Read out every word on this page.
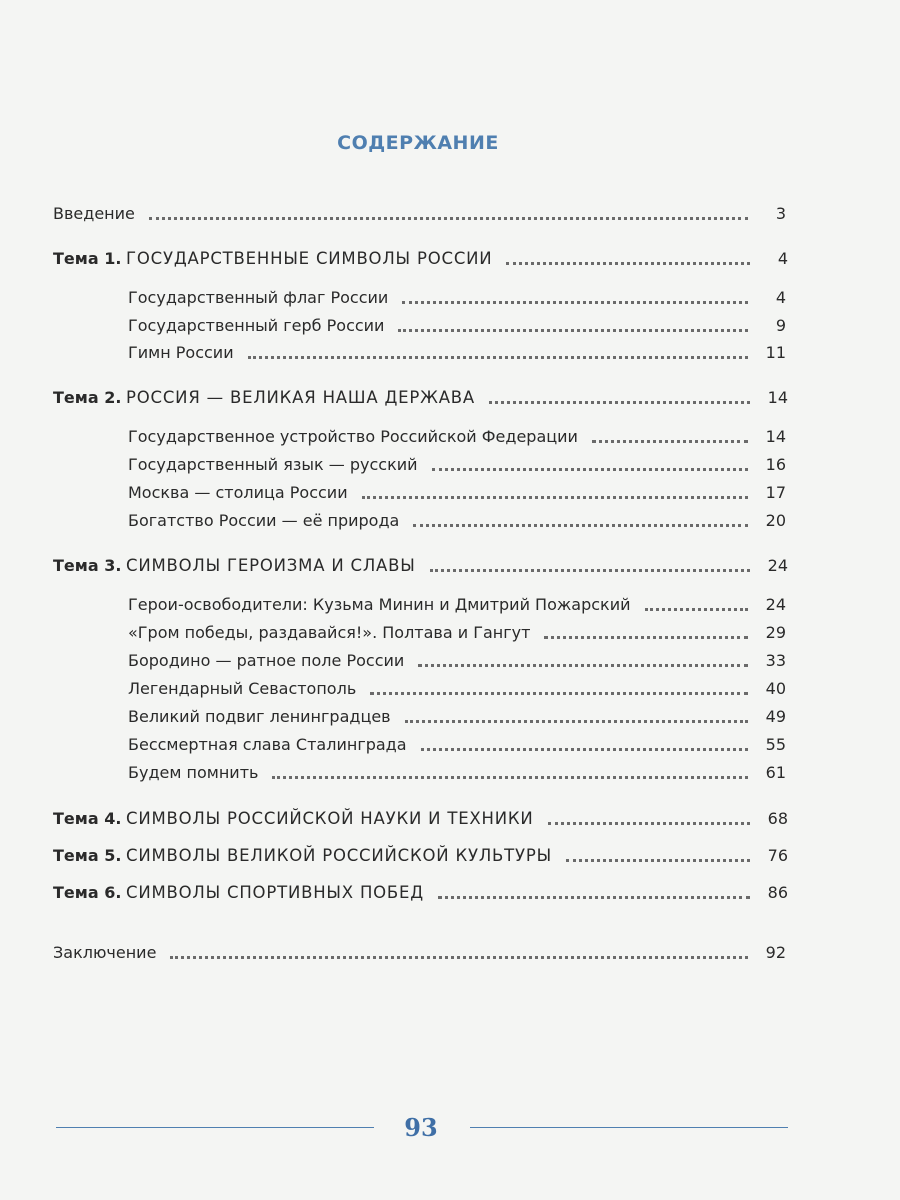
СОДЕРЖАНИЕ
Введение	3
Тема 1. ГОСУДАРСТВЕННЫЕ СИМВОЛЫ РОССИИ	4
Государственный флаг России	4
Государственный герб России	9
Гимн России	11
Тема 2. РОССИЯ — ВЕЛИКАЯ НАША ДЕРЖАВА	14
Государственное устройство Российской Федерации	14
Государственный язык — русский	16
Москва — столица России	17
Богатство России — её природа	20
Тема 3. СИМВОЛЫ ГЕРОИЗМА И СЛАВЫ	24
Герои-освободители: Кузьма Минин и Дмитрий Пожарский	24
«Гром победы, раздавайся!». Полтава и Гангут	29
Бородино — ратное поле России	33
Легендарный Севастополь	40
Великий подвиг ленинградцев	49
Бессмертная слава Сталинграда	55
Будем помнить	61
Тема 4. СИМВОЛЫ РОССИЙСКОЙ НАУКИ И ТЕХНИКИ	68
Тема 5. СИМВОЛЫ ВЕЛИКОЙ РОССИЙСКОЙ КУЛЬТУРЫ	76
Тема 6. СИМВОЛЫ СПОРТИВНЫХ ПОБЕД	86
Заключение	92
93
